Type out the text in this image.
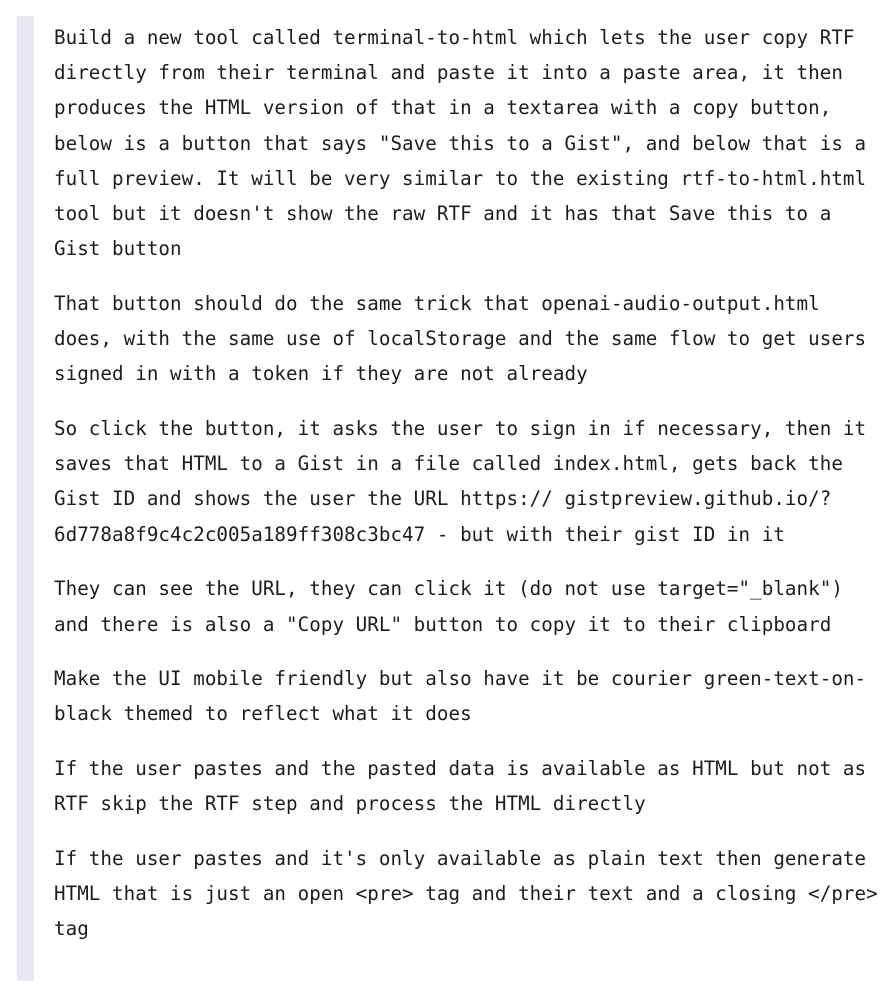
Build a new tool called terminal-to-html which lets the user copy RTF directly from their terminal and paste it into a paste area, it then produces the HTML version of that in a textarea with a copy button, below is a button that says "Save this to a Gist", and below that is a full preview. It will be very similar to the existing rtf-to-html.html tool but it doesn't show the raw RTF and it has that Save this to a Gist button

That button should do the same trick that openai-audio-output.html does, with the same use of localStorage and the same flow to get users signed in with a token if they are not already

So click the button, it asks the user to sign in if necessary, then it saves that HTML to a Gist in a file called index.html, gets back the Gist ID and shows the user the URL https:// gistpreview.github.io/?6d778a8f9c4c2c005a189ff308c3bc47 - but with their gist ID in it

They can see the URL, they can click it (do not use target="_blank") and there is also a "Copy URL" button to copy it to their clipboard

Make the UI mobile friendly but also have it be courier green-text-on-black themed to reflect what it does

If the user pastes and the pasted data is available as HTML but not as RTF skip the RTF step and process the HTML directly

If the user pastes and it's only available as plain text then generate HTML that is just an open <pre> tag and their text and a closing </pre> tag
